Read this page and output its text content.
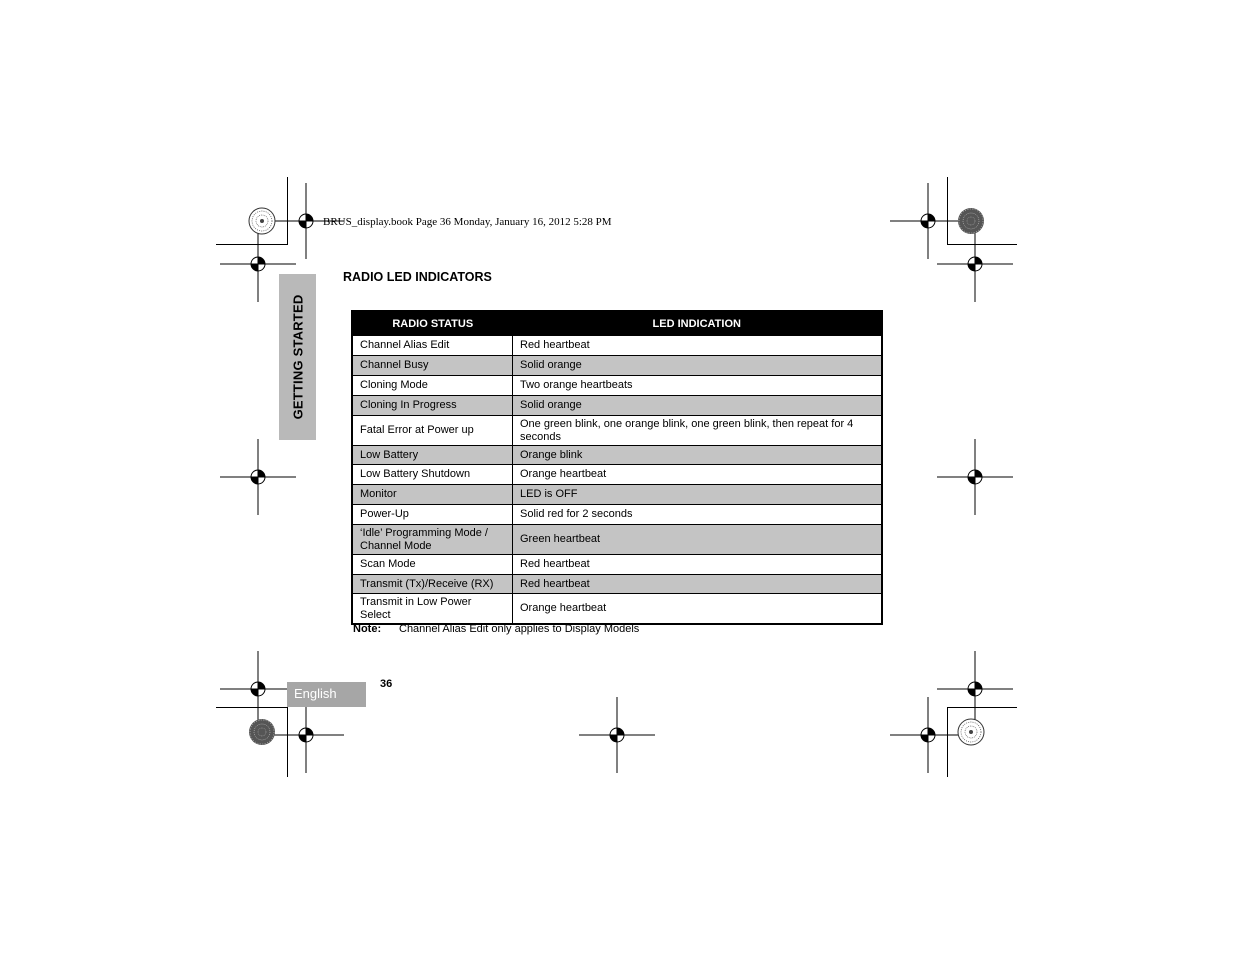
BRUS_display.book Page 36 Monday, January 16, 2012 5:28 PM
GETTING STARTED
RADIO LED INDICATORS
RADIO STATUS	LED INDICATION
Channel Alias Edit	Red heartbeat
Channel Busy	Solid orange
Cloning Mode	Two orange heartbeats
Cloning In Progress	Solid orange
Fatal Error at Power up	One green blink, one orange blink, one green blink, then repeat for 4 seconds
Low Battery	Orange blink
Low Battery Shutdown	Orange heartbeat
Monitor	LED is OFF
Power-Up	Solid red for 2 seconds
‘Idle’ Programming Mode / Channel Mode	Green heartbeat
Scan Mode	Red heartbeat
Transmit (Tx)/Receive (RX)	Red heartbeat
Transmit in Low Power Select	Orange heartbeat
Note: Channel Alias Edit only applies to Display Models
English
36
